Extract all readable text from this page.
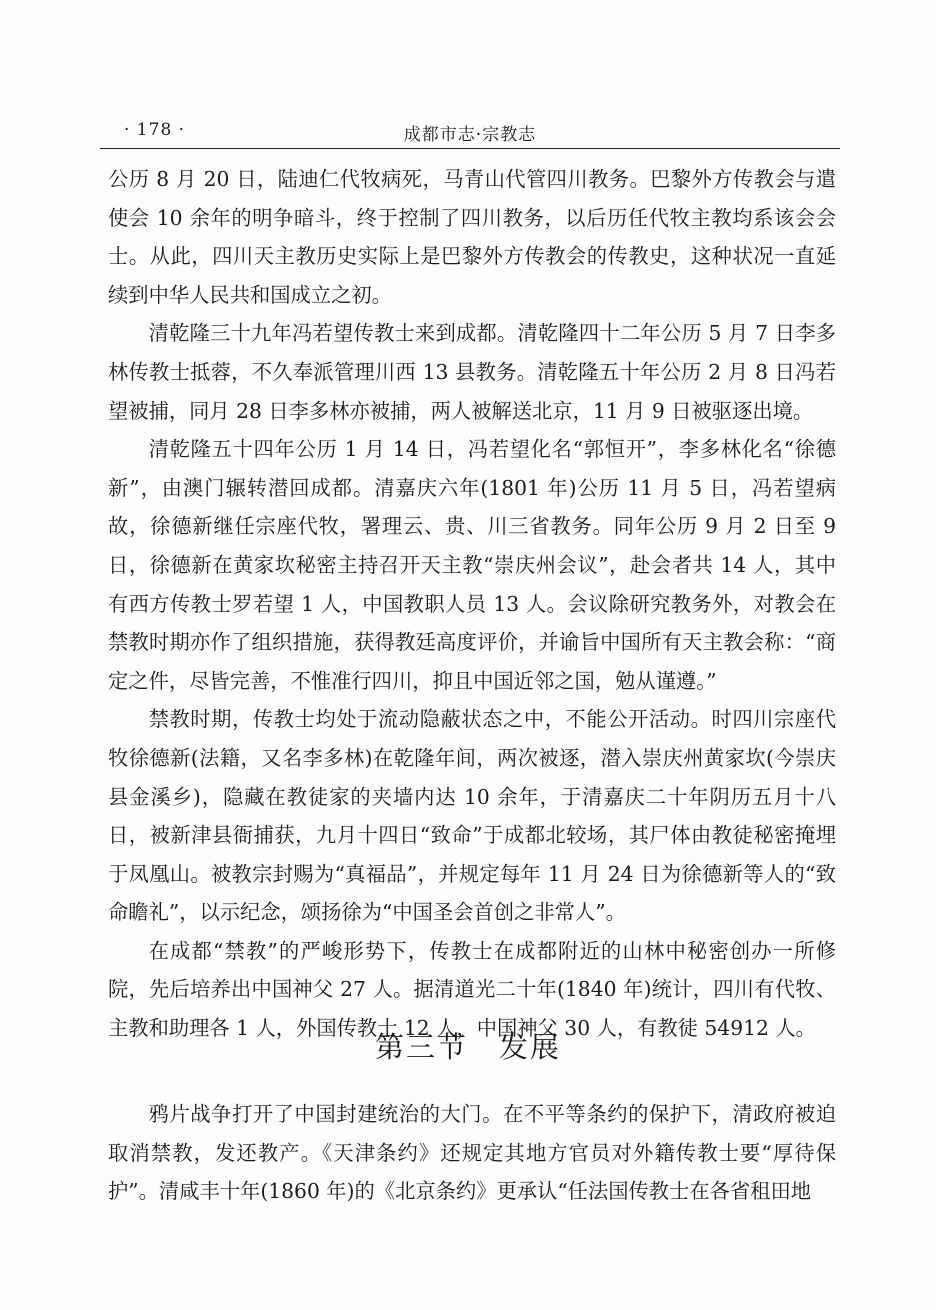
· 178 ·	成都市志·宗教志

公历 8 月 20 日，陆迪仁代牧病死，马青山代管四川教务。巴黎外方传教会与遣使会 10 余年的明争暗斗，终于控制了四川教务，以后历任代牧主教均系该会会士。从此，四川天主教历史实际上是巴黎外方传教会的传教史，这种状况一直延续到中华人民共和国成立之初。

清乾隆三十九年冯若望传教士来到成都。清乾隆四十二年公历 5 月 7 日李多林传教士抵蓉，不久奉派管理川西 13 县教务。清乾隆五十年公历 2 月 8 日冯若望被捕，同月 28 日李多林亦被捕，两人被解送北京，11 月 9 日被驱逐出境。

清乾隆五十四年公历 1 月 14 日，冯若望化名“郭恒开”，李多林化名“徐德新”，由澳门辗转潜回成都。清嘉庆六年(1801 年)公历 11 月 5 日，冯若望病故，徐德新继任宗座代牧，署理云、贵、川三省教务。同年公历 9 月 2 日至 9 日，徐德新在黄家坎秘密主持召开天主教“崇庆州会议”，赴会者共 14 人，其中有西方传教士罗若望 1 人，中国教职人员 13 人。会议除研究教务外，对教会在禁教时期亦作了组织措施，获得教廷高度评价，并谕旨中国所有天主教会称：“商定之件，尽皆完善，不惟准行四川，抑且中国近邻之国，勉从谨遵。”

禁教时期，传教士均处于流动隐蔽状态之中，不能公开活动。时四川宗座代牧徐德新(法籍，又名李多林)在乾隆年间，两次被逐，潜入崇庆州黄家坎(今崇庆县金溪乡)，隐藏在教徒家的夹墙内达 10 余年，于清嘉庆二十年阴历五月十八日，被新津县衙捕获，九月十四日“致命”于成都北较场，其尸体由教徒秘密掩埋于凤凰山。被教宗封赐为“真福品”，并规定每年 11 月 24 日为徐德新等人的“致命瞻礼”，以示纪念，颂扬徐为“中国圣会首创之非常人”。

在成都“禁教”的严峻形势下，传教士在成都附近的山林中秘密创办一所修院，先后培养出中国神父 27 人。据清道光二十年(1840 年)统计，四川有代牧、主教和助理各 1 人，外国传教士 12 人，中国神父 30 人，有教徒 54912 人。

第三节　发展

鸦片战争打开了中国封建统治的大门。在不平等条约的保护下，清政府被迫取消禁教，发还教产。《天津条约》还规定其地方官员对外籍传教士要“厚待保护”。清咸丰十年(1860 年)的《北京条约》更承认“任法国传教士在各省租田地
